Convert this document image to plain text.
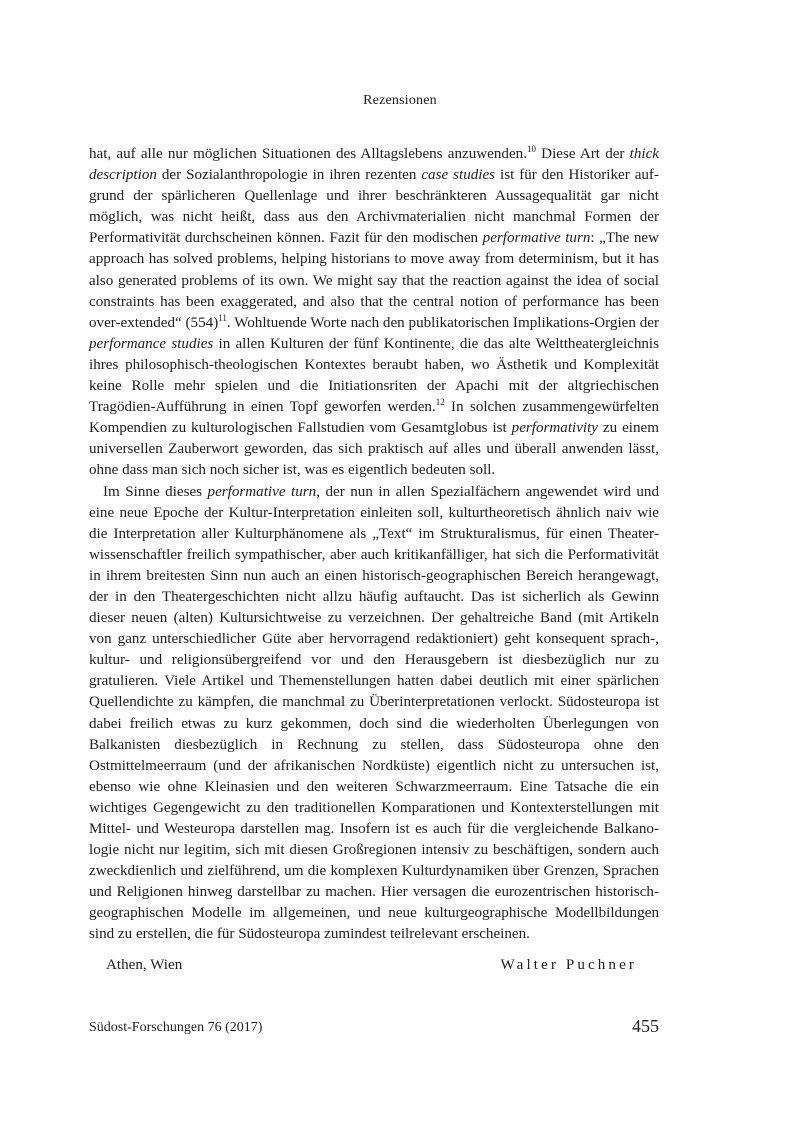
Rezensionen

hat, auf alle nur möglichen Situationen des Alltagslebens anzuwenden.$^{10}$ Diese Art der thick description der Sozialanthropologie in ihren rezenten case studies ist für den Historiker aufgrund der spärlicheren Quellenlage und ihrer beschränkteren Aussagequalität gar nicht möglich, was nicht heißt, dass aus den Archivmaterialien nicht manchmal Formen der Performativität durchscheinen können. Fazit für den modischen performative turn: „The new approach has solved problems, helping historians to move away from determinism, but it has also generated problems of its own. We might say that the reaction against the idea of social constraints has been exaggerated, and also that the central notion of performance has been over-extended“ $(554)^{11}$. Wohltuende Worte nach den publikatorischen Implikations-Orgien der performance studies in allen Kulturen der fünf Kontinente, die das alte Welttheatergleichnis ihres philosophisch-theologischen Kontextes beraubt haben, wo Ästhetik und Komplexität keine Rolle mehr spielen und die Initiationsriten der Apachi mit der altgriechischen Tragödien-Aufführung in einen Topf geworfen werden.$^{12}$ In solchen zusammengewürfelten Kompendien zu kulturologischen Fallstudien vom Gesamtglobus ist performativity zu einem universellen Zauberwort geworden, das sich praktisch auf alles und überall anwenden lässt, ohne dass man sich noch sicher ist, was es eigentlich bedeuten soll.

Im Sinne dieses performative turn, der nun in allen Spezialfächern angewendet wird und eine neue Epoche der Kultur-Interpretation einleiten soll, kulturtheoretisch ähnlich naiv wie die Interpretation aller Kulturphänomene als „Text“ im Strukturalismus, für einen Theaterwissenschaftler freilich sympathischer, aber auch kritikanfälliger, hat sich die Performativität in ihrem breitesten Sinn nun auch an einen historisch-geographischen Bereich herangewagt, der in den Theatergeschichten nicht allzu häufig auftaucht. Das ist sicherlich als Gewinn dieser neuen (alten) Kultursichtweise zu verzeichnen. Der gehaltreiche Band (mit Artikeln von ganz unterschiedlicher Güte aber hervorragend redaktioniert) geht konsequent sprach-, kultur- und religionsübergreifend vor und den Herausgebern ist diesbezüglich nur zu gratulieren. Viele Artikel und Themenstellungen hatten dabei deutlich mit einer spärlichen Quellendichte zu kämpfen, die manchmal zu Überinterpretationen verlockt. Südosteuropa ist dabei freilich etwas zu kurz gekommen, doch sind die wiederholten Überlegungen von Balkanisten diesbezüglich in Rechnung zu stellen, dass Südosteuropa ohne den Ostmittelmeerraum (und der afrikanischen Nordküste) eigentlich nicht zu untersuchen ist, ebenso wie ohne Kleinasien und den weiteren Schwarzmeerraum. Eine Tatsache die ein wichtiges Gegengewicht zu den traditionellen Komparationen und Kontexterstellungen mit Mittel- und Westeuropa darstellen mag. Insofern ist es auch für die vergleichende Balkanologie nicht nur legitim, sich mit diesen Großregionen intensiv zu beschäftigen, sondern auch zweckdienlich und zielführend, um die komplexen Kulturdynamiken über Grenzen, Sprachen und Religionen hinweg darstellbar zu machen. Hier versagen die eurozentrischen historisch-geographischen Modelle im allgemeinen, und neue kulturgeographische Modellbildungen sind zu erstellen, die für Südosteuropa zumindest teilrelevant erscheinen.

Athen, Wien	Walter Puchner
Südost-Forschungen 76 (2017)	455
